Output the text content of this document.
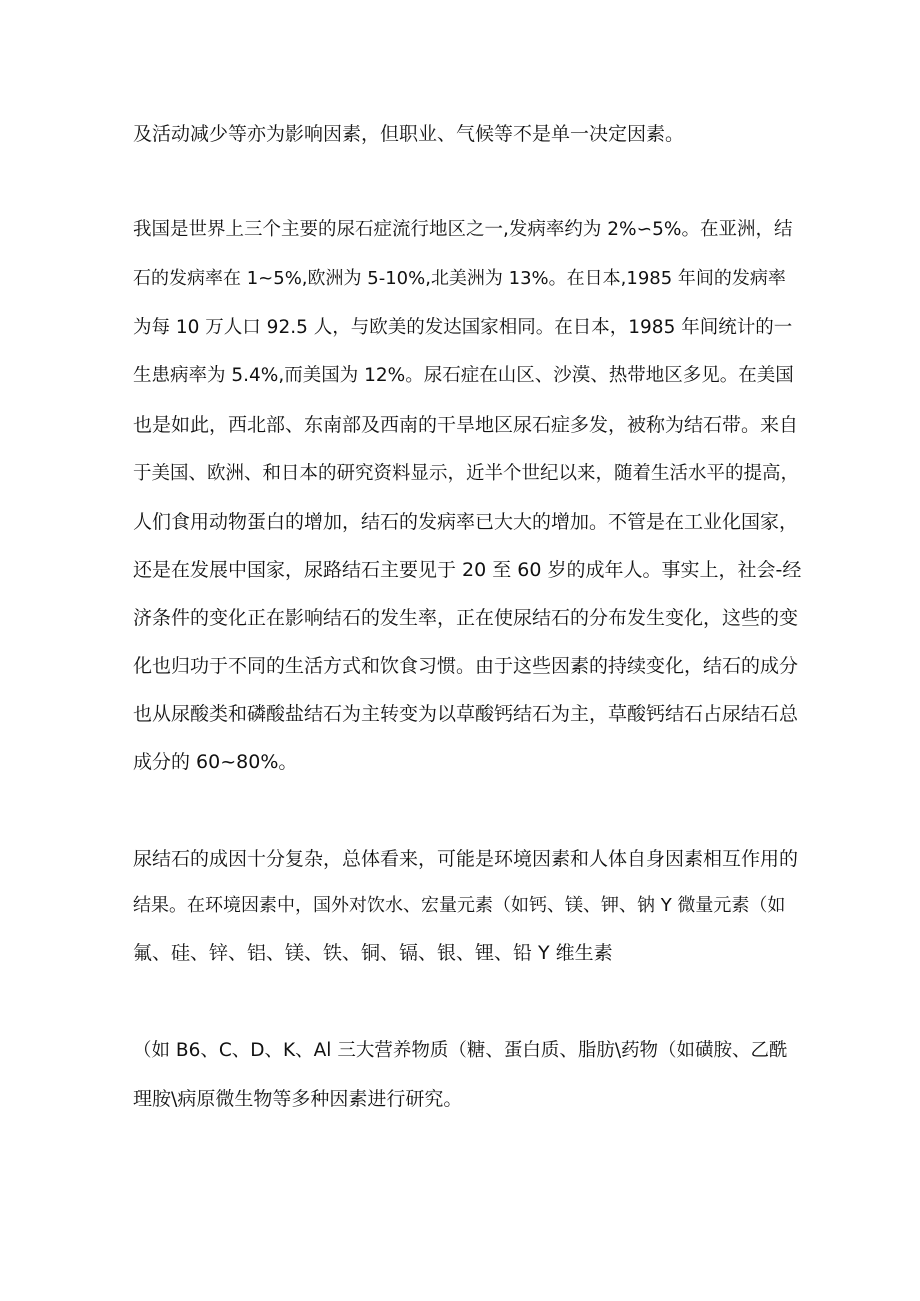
及活动减少等亦为影响因素，但职业、气候等不是单一决定因素。
我国是世界上三个主要的尿石症流行地区之一,发病率约为 2%∽5%。在亚洲，结
石的发病率在 1~5%,欧洲为 5-10%,北美洲为 13%。在日本,1985 年间的发病率
为每 10 万人口 92.5 人，与欧美的发达国家相同。在日本，1985 年间统计的一
生患病率为 5.4%,而美国为 12%。尿石症在山区、沙漠、热带地区多见。在美国
也是如此，西北部、东南部及西南的干旱地区尿石症多发，被称为结石带。来自
于美国、欧洲、和日本的研究资料显示，近半个世纪以来，随着生活水平的提高，
人们食用动物蛋白的增加，结石的发病率已大大的增加。不管是在工业化国家，
还是在发展中国家，尿路结石主要见于 20 至 60 岁的成年人。事实上，社会-经
济条件的变化正在影响结石的发生率，正在使尿结石的分布发生变化，这些的变
化也归功于不同的生活方式和饮食习惯。由于这些因素的持续变化，结石的成分
也从尿酸类和磷酸盐结石为主转变为以草酸钙结石为主，草酸钙结石占尿结石总
成分的 60~80%。
尿结石的成因十分复杂，总体看来，可能是环境因素和人体自身因素相互作用的
结果。在环境因素中，国外对饮水、宏量元素（如钙、镁、钾、钠 Y 微量元素（如
氟、硅、锌、铝、镁、铁、铜、镉、银、锂、铅 Y 维生素
（如 B6、C、D、K、Al 三大营养物质（糖、蛋白质、脂肪\药物（如磺胺、乙酰
理胺\病原微生物等多种因素进行研究。
